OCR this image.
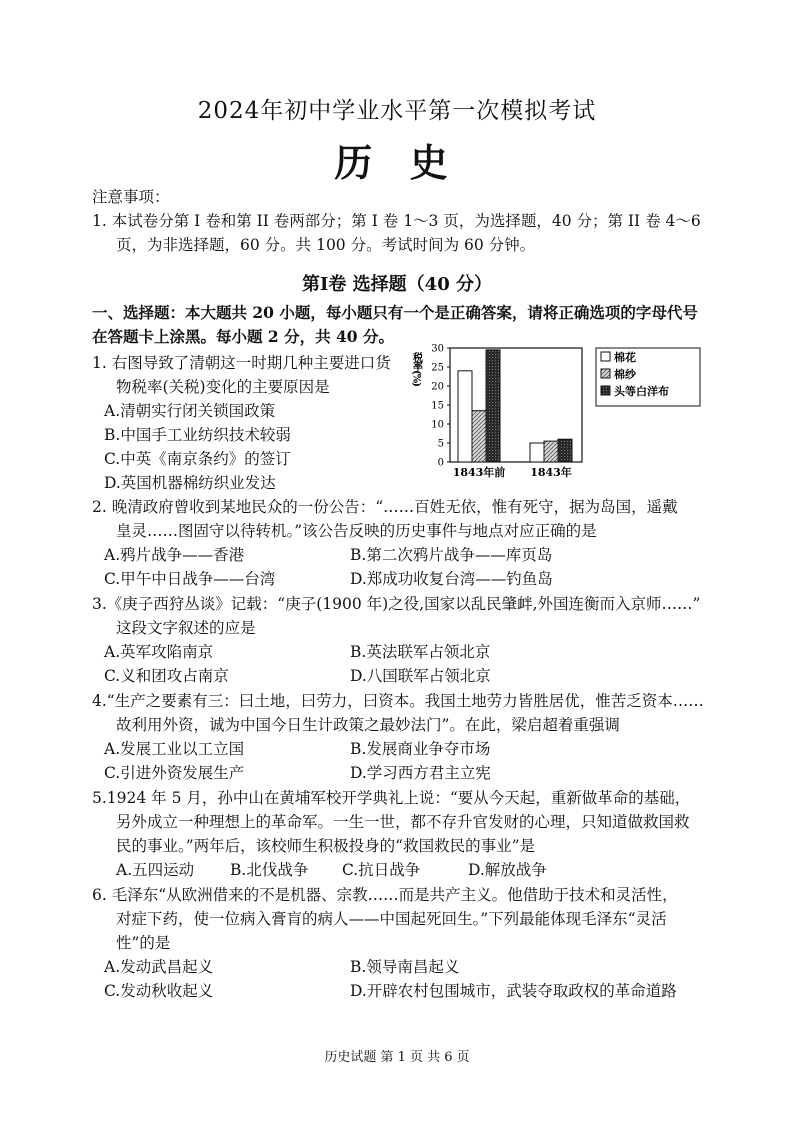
2024年初中学业水平第一次模拟考试
历 史
注意事项：
1. 本试卷分第 I 卷和第 II 卷两部分；第 I 卷 1～3 页，为选择题，40 分；第 II 卷 4～6
页，为非选择题，60 分。共 100 分。考试时间为 60 分钟。
第Ⅰ卷 选择题（40 分）
一、选择题：本大题共 20 小题，每小题只有一个是正确答案，请将正确选项的字母代号
在答题卡上涂黑。每小题 2 分，共 40 分。
1. 右图导致了清朝这一时期几种主要进口货
物税率(关税)变化的主要原因是
A.清朝实行闭关锁国政策
B.中国手工业纺织技术较弱
C.中英《南京条约》的签订
D.英国机器棉纺织业发达
税率(%)
0
5
10
15
20
25
30
1843年前 1843年
棉花
棉纱
头等白洋布
2. 晚清政府曾收到某地民众的一份公告：“……百姓无依，惟有死守，据为岛国，遥戴
皇灵……图固守以待转机。”该公告反映的历史事件与地点对应正确的是
A.鸦片战争——香港	B.第二次鸦片战争——库页岛
C.甲午中日战争——台湾	D.郑成功收复台湾——钓鱼岛
3.《庚子西狩丛谈》记载：“庚子(1900 年)之役,国家以乱民肇衅,外国连衡而入京师……”
这段文字叙述的应是
A.英军攻陷南京	B.英法联军占领北京
C.义和团攻占南京	D.八国联军占领北京
4.“生产之要素有三：曰土地，曰劳力，曰资本。我国土地劳力皆胜居优，惟苦乏资本……
故利用外资，诚为中国今日生计政策之最妙法门”。在此，梁启超着重强调
A.发展工业以工立国	B.发展商业争夺市场
C.引进外资发展生产	D.学习西方君主立宪
5.1924 年 5 月，孙中山在黄埔军校开学典礼上说：“要从今天起，重新做革命的基础，
另外成立一种理想上的革命军。一生一世，都不存升官发财的心理，只知道做救国救
民的事业。”两年后，该校师生积极投身的“救国救民的事业”是
A.五四运动 B.北伐战争 C.抗日战争	D.解放战争
6. 毛泽东“从欧洲借来的不是机器、宗教……而是共产主义。他借助于技术和灵活性，
对症下药，使一位病入膏肓的病人——中国起死回生。”下列最能体现毛泽东“灵活
性”的是
A.发动武昌起义	B.领导南昌起义
C.发动秋收起义	D.开辟农村包围城市，武装夺取政权的革命道路
历史试题 第 1 页 共 6 页
